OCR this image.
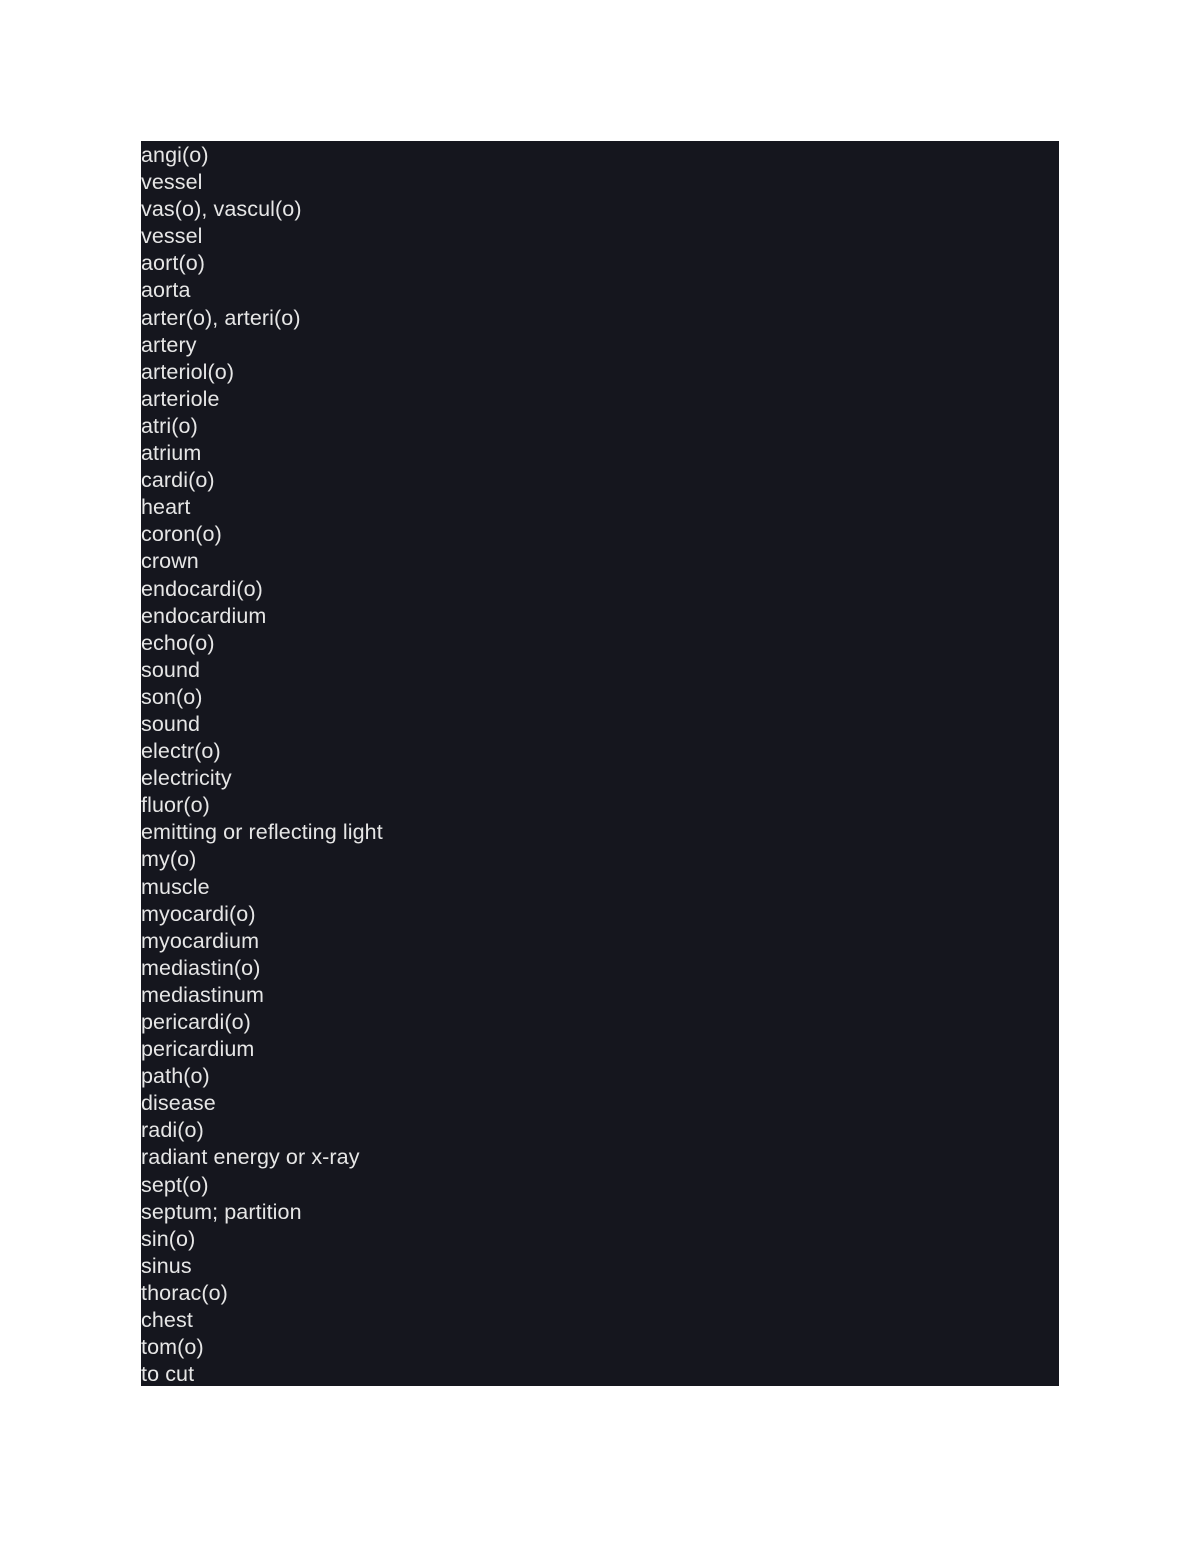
angi(o)
vessel
vas(o), vascul(o)
vessel
aort(o)
aorta
arter(o), arteri(o)
artery
arteriol(o)
arteriole
atri(o)
atrium
cardi(o)
heart
coron(o)
crown
endocardi(o)
endocardium
echo(o)
sound
son(o)
sound
electr(o)
electricity
fluor(o)
emitting or reflecting light
my(o)
muscle
myocardi(o)
myocardium
mediastin(o)
mediastinum
pericardi(o)
pericardium
path(o)
disease
radi(o)
radiant energy or x-ray
sept(o)
septum; partition
sin(o)
sinus
thorac(o)
chest
tom(o)
to cut
